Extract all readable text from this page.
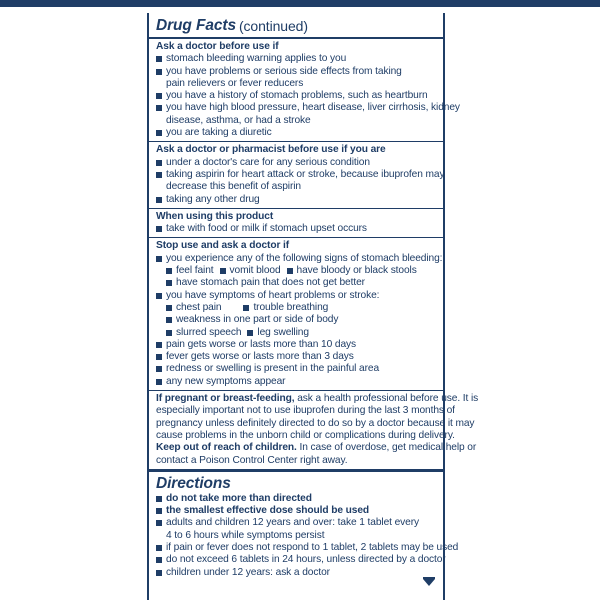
Drug Facts (continued)
Ask a doctor before use if
stomach bleeding warning applies to you
you have problems or serious side effects from taking
pain relievers or fever reducers
you have a history of stomach problems, such as heartburn
you have high blood pressure, heart disease, liver cirrhosis, kidney
disease, asthma, or had a stroke
you are taking a diuretic
Ask a doctor or pharmacist before use if you are
under a doctor's care for any serious condition
taking aspirin for heart attack or stroke, because ibuprofen may
decrease this benefit of aspirin
taking any other drug
When using this product
take with food or milk if stomach upset occurs
Stop use and ask a doctor if
you experience any of the following signs of stomach bleeding:
feel faint vomit blood have bloody or black stools
have stomach pain that does not get better
you have symptoms of heart problems or stroke:
chest pain	trouble breathing
weakness in one part or side of body
slurred speech leg swelling
pain gets worse or lasts more than 10 days
fever gets worse or lasts more than 3 days
redness or swelling is present in the painful area
any new symptoms appear
If pregnant or breast-feeding, ask a health professional before use. It is
especially important not to use ibuprofen during the last 3 months of
pregnancy unless definitely directed to do so by a doctor because it may
cause problems in the unborn child or complications during delivery.
Keep out of reach of children. In case of overdose, get medical help or
contact a Poison Control Center right away.
Directions
do not take more than directed
the smallest effective dose should be used
adults and children 12 years and over: take 1 tablet every
4 to 6 hours while symptoms persist
if pain or fever does not respond to 1 tablet, 2 tablets may be used
do not exceed 6 tablets in 24 hours, unless directed by a doctor
children under 12 years: ask a doctor
